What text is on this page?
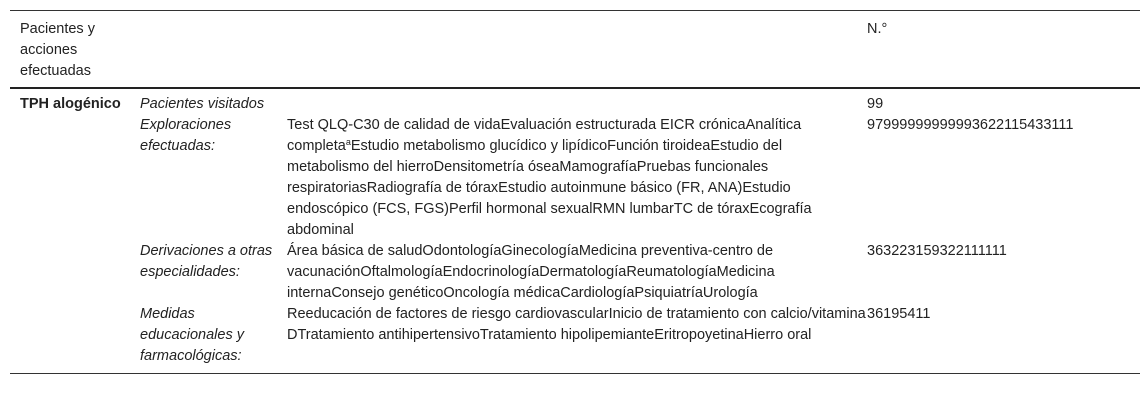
Pacientes y acciones efectuadas			N.°
TPH alogénico	Pacientes visitados		99
	Exploraciones efectuadas:	Test QLQ-C30 de calidad de vidaEvaluación estructurada EICR crónicaAnalítica completa$^a$Estudio metabolismo glucídico y lipídicoFunción tiroideaEstudio del metabolismo del hierroDensitometría óseaMamografíaPruebas funcionales respiratoriasRadiografía de tóraxEstudio autoinmune básico (FR, ANA)Estudio endoscópico (FCS, FGS)Perfil hormonal sexualRMN lumbarTC de tóraxEcografía abdominal	97999999999993622115433111
	Derivaciones a otras especialidades:	Área básica de saludOdontologíaGinecologíaMedicina preventiva-centro de vacunaciónOftalmologíaEndocrinologíaDermatologíaReumatologíaMedicina internaConsejo genéticoOncología médicaCardiologíaPsiquiatríaUrología	363223159322111111
	Medidas educacionales y farmacológicas:	Reeducación de factores de riesgo cardiovascularInicio de tratamiento con calcio/vitamina DTratamiento antihipertensivoTratamiento hipolipemianteEritropoyetinaHierro oral	36195411
